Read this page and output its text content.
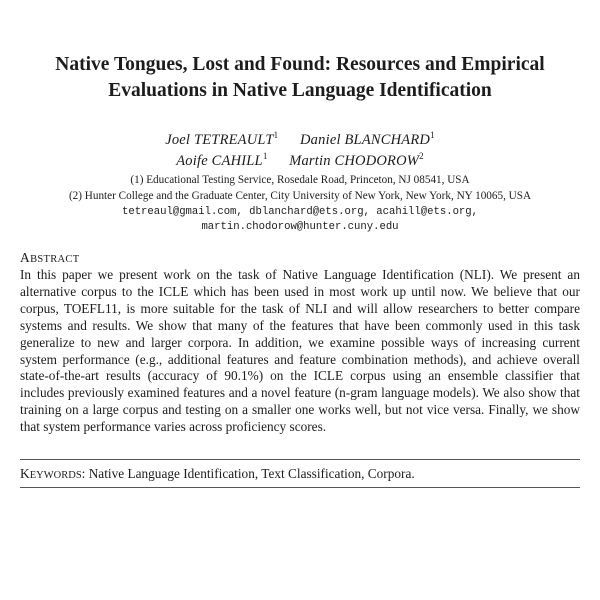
Native Tongues, Lost and Found: Resources and Empirical
Evaluations in Native Language Identification
Joel TETREAULT$^1$ Daniel BLANCHARD$^1$
Aoife CAHILL$^1$ Martin CHODOROW$^2$
(1) Educational Testing Service, Rosedale Road, Princeton, NJ 08541, USA
(2) Hunter College and the Graduate Center, City University of New York, New York, NY 10065, USA
tetreaul@gmail.com, dblanchard@ets.org, acahill@ets.org,
martin.chodorow@hunter.cuny.edu
ABSTRACT
In this paper we present work on the task of Native Language Identification (NLI). We present an alternative corpus to the ICLE which has been used in most work up until now. We believe that our corpus, TOEFL11, is more suitable for the task of NLI and will allow researchers to better compare systems and results. We show that many of the features that have been commonly used in this task generalize to new and larger corpora. In addition, we examine possible ways of increasing current system performance (e.g., additional features and feature combination methods), and achieve overall state-of-the-art results (accuracy of 90.1%) on the ICLE corpus using an ensemble classifier that includes previously examined features and a novel feature (n-gram language models). We also show that training on a large corpus and testing on a smaller one works well, but not vice versa. Finally, we show that system performance varies across proficiency scores.
KEYWORDS: Native Language Identification, Text Classification, Corpora.
